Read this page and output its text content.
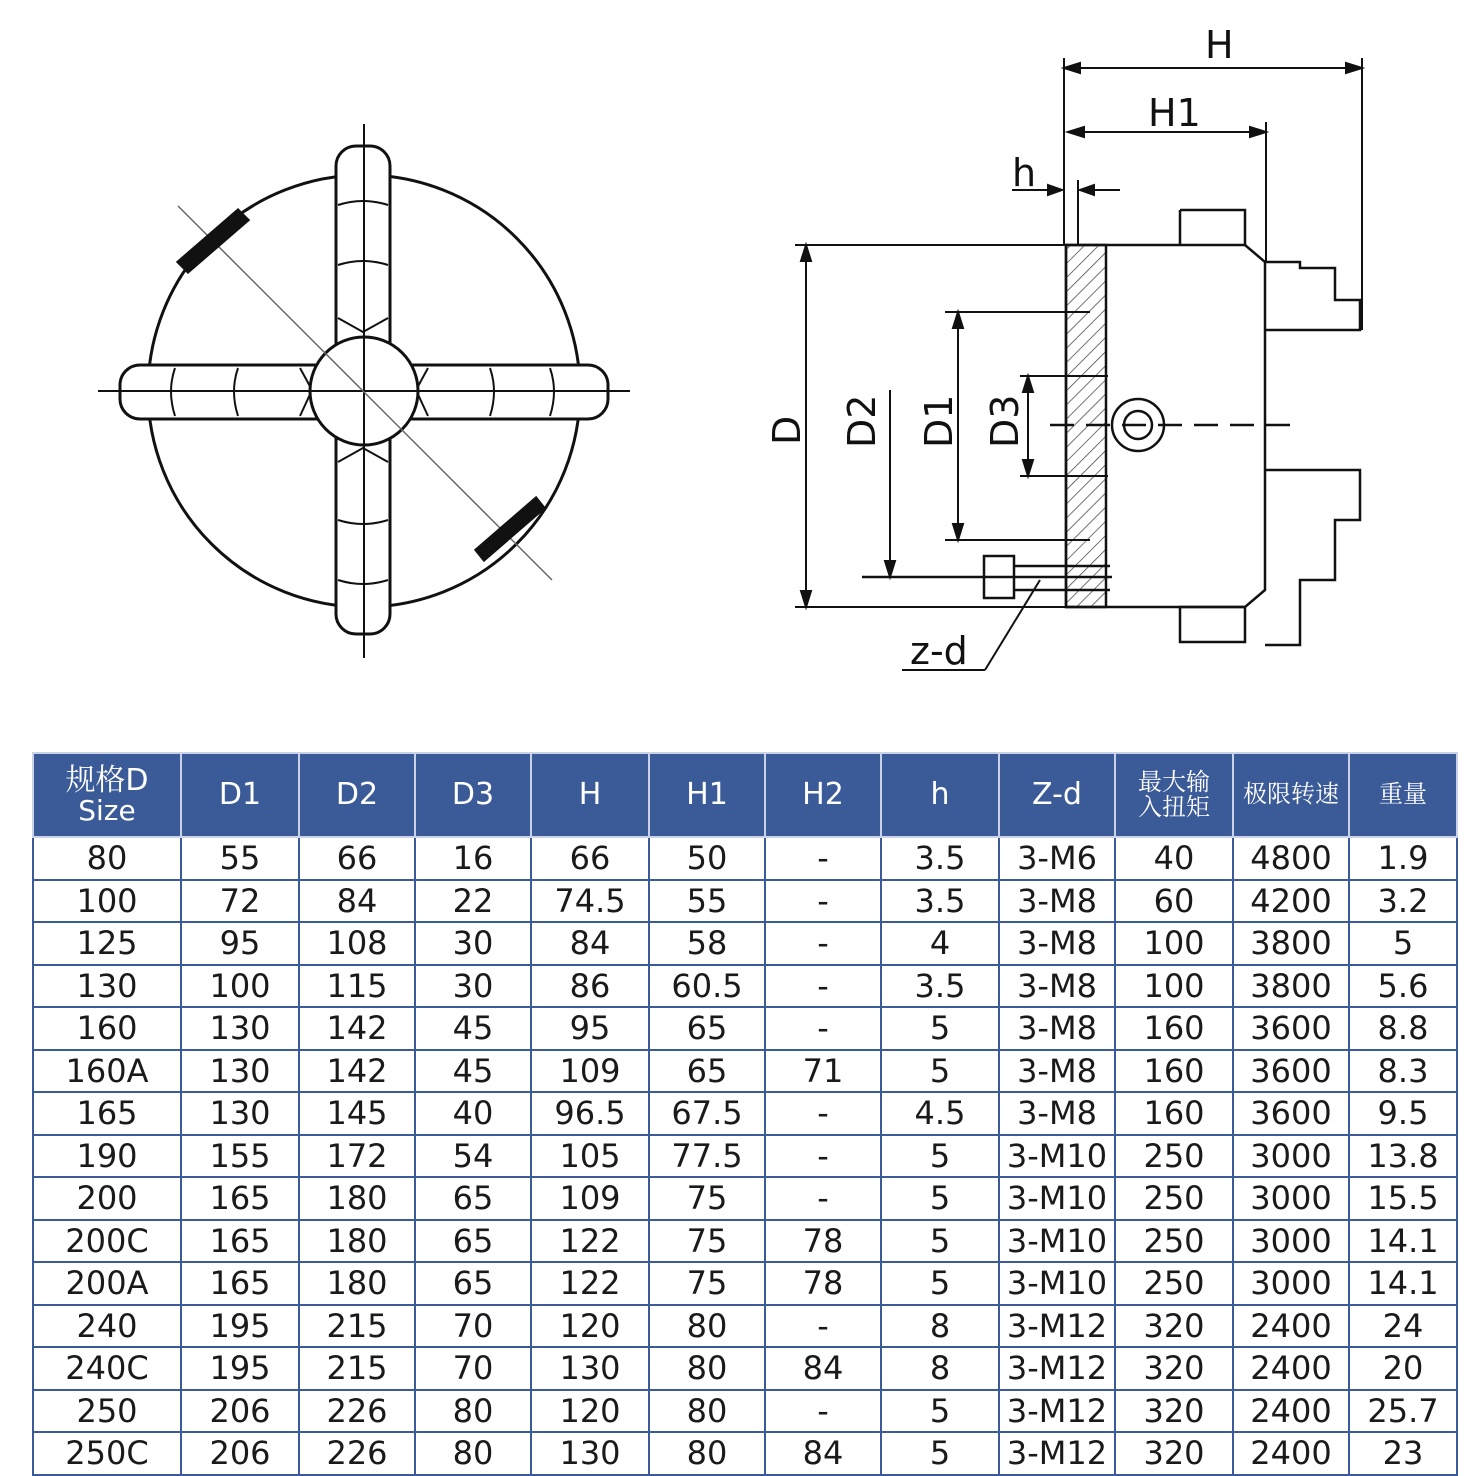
H
H1
h
z-d
D D2 D1 D3
规格D
Size	D1	D2	D3	H	H1	H2	h	Z-d	最大输
入扭矩	极限转速	重量
80	55	66	16	66	50	-	3.5	3-M6	40	4800	1.9
100	72	84	22	74.5	55	-	3.5	3-M8	60	4200	3.2
125	95	108	30	84	58	-	4	3-M8	100	3800	5
130	100	115	30	86	60.5	-	3.5	3-M8	100	3800	5.6
160	130	142	45	95	65	-	5	3-M8	160	3600	8.8
160A	130	142	45	109	65	71	5	3-M8	160	3600	8.3
165	130	145	40	96.5	67.5	-	4.5	3-M8	160	3600	9.5
190	155	172	54	105	77.5	-	5	3-M10	250	3000	13.8
200	165	180	65	109	75	-	5	3-M10	250	3000	15.5
200C	165	180	65	122	75	78	5	3-M10	250	3000	14.1
200A	165	180	65	122	75	78	5	3-M10	250	3000	14.1
240	195	215	70	120	80	-	8	3-M12	320	2400	24
240C	195	215	70	130	80	84	8	3-M12	320	2400	20
250	206	226	80	120	80	-	5	3-M12	320	2400	25.7
250C	206	226	80	130	80	84	5	3-M12	320	2400	23
